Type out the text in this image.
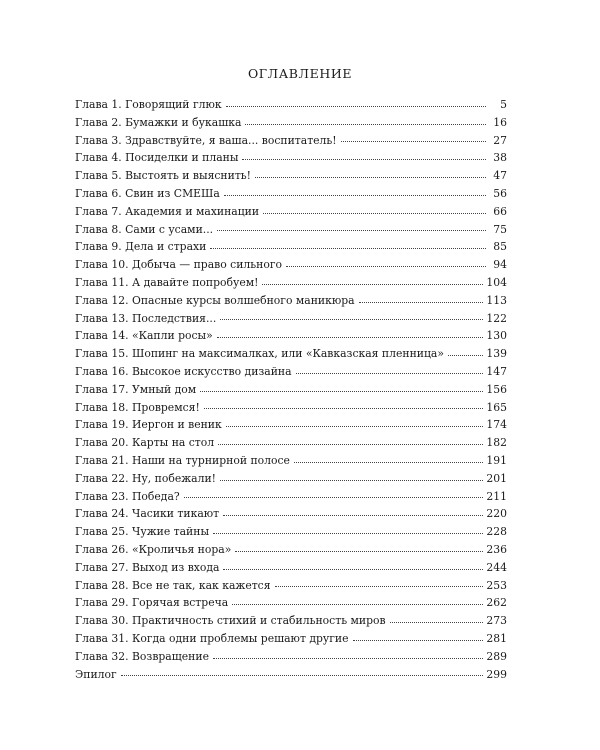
ОГЛАВЛЕНИЕ
Глава 1. Говорящий глюк	5
Глава 2. Бумажки и букашка	16
Глава 3. Здравствуйте, я ваша... воспитатель!	27
Глава 4. Посиделки и планы	38
Глава 5. Выстоять и выяснить!	47
Глава 6. Свин из СМЕШа	56
Глава 7. Академия и махинации	66
Глава 8. Сами с усами...	75
Глава 9. Дела и страхи	85
Глава 10. Добыча — право сильного	94
Глава 11. А давайте попробуем!	104
Глава 12. Опасные курсы волшебного маникюра	113
Глава 13. Последствия...	122
Глава 14. «Капли росы»	130
Глава 15. Шопинг на максималках, или «Кавказская пленница»	139
Глава 16. Высокое искусство дизайна	147
Глава 17. Умный дом	156
Глава 18. Провремся!	165
Глава 19. Иергон и веник	174
Глава 20. Карты на стол	182
Глава 21. Наши на турнирной полосе	191
Глава 22. Ну, побежали!	201
Глава 23. Победа?	211
Глава 24. Часики тикают	220
Глава 25. Чужие тайны	228
Глава 26. «Кроличья нора»	236
Глава 27. Выход из входа	244
Глава 28. Все не так, как кажется	253
Глава 29. Горячая встреча	262
Глава 30. Практичность стихий и стабильность миров	273
Глава 31. Когда одни проблемы решают другие	281
Глава 32. Возвращение	289
Эпилог	299
